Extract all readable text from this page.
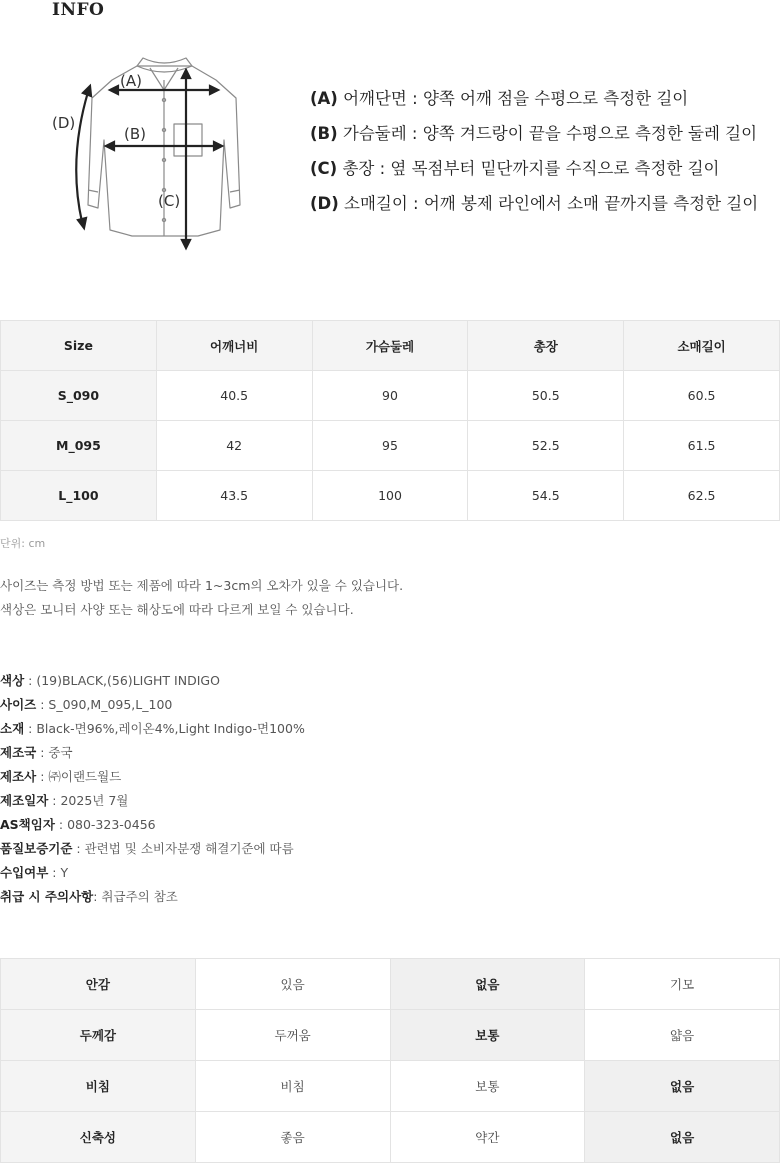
INFO
(A)
(B)
(C)
(D)
(A) 어깨단면 : 양쪽 어깨 점을 수평으로 측정한 길이
(B) 가슴둘레 : 양쪽 겨드랑이 끝을 수평으로 측정한 둘레 길이
(C) 총장 : 옆 목점부터 밑단까지를 수직으로 측정한 길이
(D) 소매길이 : 어깨 봉제 라인에서 소매 끝까지를 측정한 길이
Size	어깨너비	가슴둘레	총장	소매길이
S_090	40.5	90	50.5	60.5
M_095	42	95	52.5	61.5
L_100	43.5	100	54.5	62.5
단위: cm
사이즈는 측정 방법 또는 제품에 따라 1~3cm의 오차가 있을 수 있습니다.
색상은 모니터 사양 또는 해상도에 따라 다르게 보일 수 있습니다.
색상 : (19)BLACK,(56)LIGHT INDIGO
사이즈 : S_090,M_095,L_100
소재 : Black-면96%,레이온4%,Light Indigo-면100%
제조국 : 중국
제조사 : ㈜이랜드월드
제조일자 : 2025년 7월
AS책임자 : 080-323-0456
품질보증기준 : 관련법 및 소비자분쟁 해결기준에 따름
수입여부 : Y
취급 시 주의사항: 취급주의 참조
안감	있음	없음	기모
두께감	두꺼움	보통	얇음
비침	비침	보통	없음
신축성	좋음	약간	없음
